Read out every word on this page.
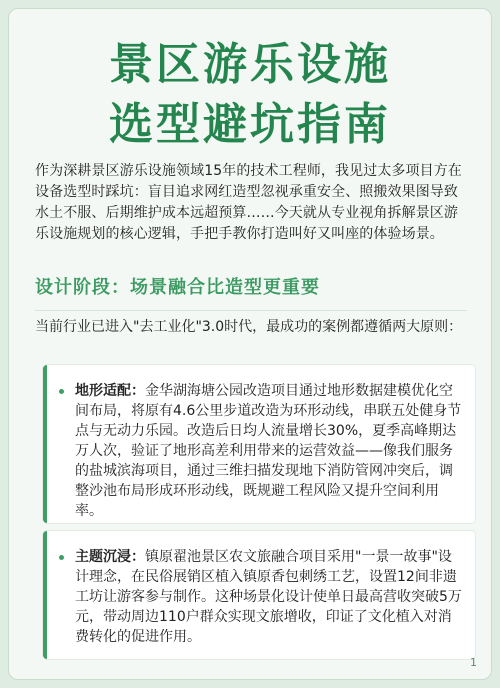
景区游乐设施
选型避坑指南
作为深耕景区游乐设施领域15年的技术工程师，我见过太多项目方在设备选型时踩坑：盲目追求网红造型忽视承重安全、照搬效果图导致水土不服、后期维护成本远超预算……今天就从专业视角拆解景区游乐设施规划的核心逻辑，手把手教你打造叫好又叫座的体验场景。
设计阶段：场景融合比造型更重要
当前行业已进入"去工业化"3.0时代，最成功的案例都遵循两大原则：
地形适配：金华湖海塘公园改造项目通过地形数据建模优化空间布局，将原有4.6公里步道改造为环形动线，串联五处健身节点与无动力乐园。改造后日均人流量增长30%，夏季高峰期达万人次，验证了地形高差利用带来的运营效益——像我们服务的盐城滨海项目，通过三维扫描发现地下消防管网冲突后，调整沙池布局形成环形动线，既规避工程风险又提升空间利用率。
主题沉浸：镇原翟池景区农文旅融合项目采用"一景一故事"设计理念，在民俗展销区植入镇原香包刺绣工艺，设置12间非遗工坊让游客参与制作。这种场景化设计使单日最高营收突破5万元，带动周边110户群众实现文旅增收，印证了文化植入对消费转化的促进作用。
1
